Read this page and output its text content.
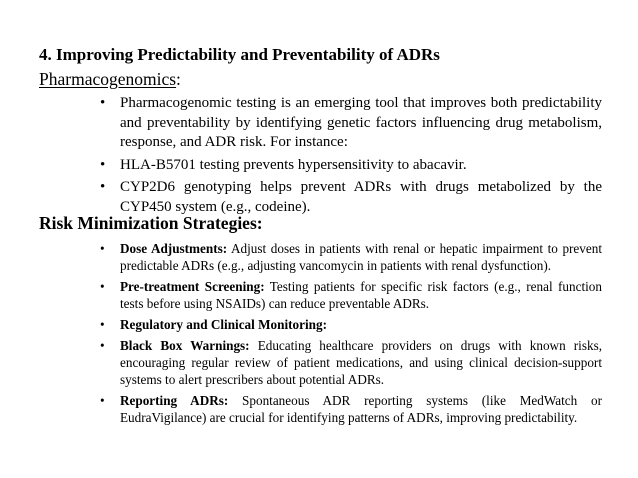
4. Improving Predictability and Preventability of ADRs
Pharmacogenomics:
• Pharmacogenomic testing is an emerging tool that improves both predictability and preventability by identifying genetic factors influencing drug metabolism, response, and ADR risk. For instance:
• HLA-B5701 testing prevents hypersensitivity to abacavir.
• CYP2D6 genotyping helps prevent ADRs with drugs metabolized by the CYP450 system (e.g., codeine).
Risk Minimization Strategies:
• Dose Adjustments: Adjust doses in patients with renal or hepatic impairment to prevent predictable ADRs (e.g., adjusting vancomycin in patients with renal dysfunction).
• Pre-treatment Screening: Testing patients for specific risk factors (e.g., renal function tests before using NSAIDs) can reduce preventable ADRs.
• Regulatory and Clinical Monitoring:
• Black Box Warnings: Educating healthcare providers on drugs with known risks, encouraging regular review of patient medications, and using clinical decision-support systems to alert prescribers about potential ADRs.
• Reporting ADRs: Spontaneous ADR reporting systems (like MedWatch or EudraVigilance) are crucial for identifying patterns of ADRs, improving predictability.
